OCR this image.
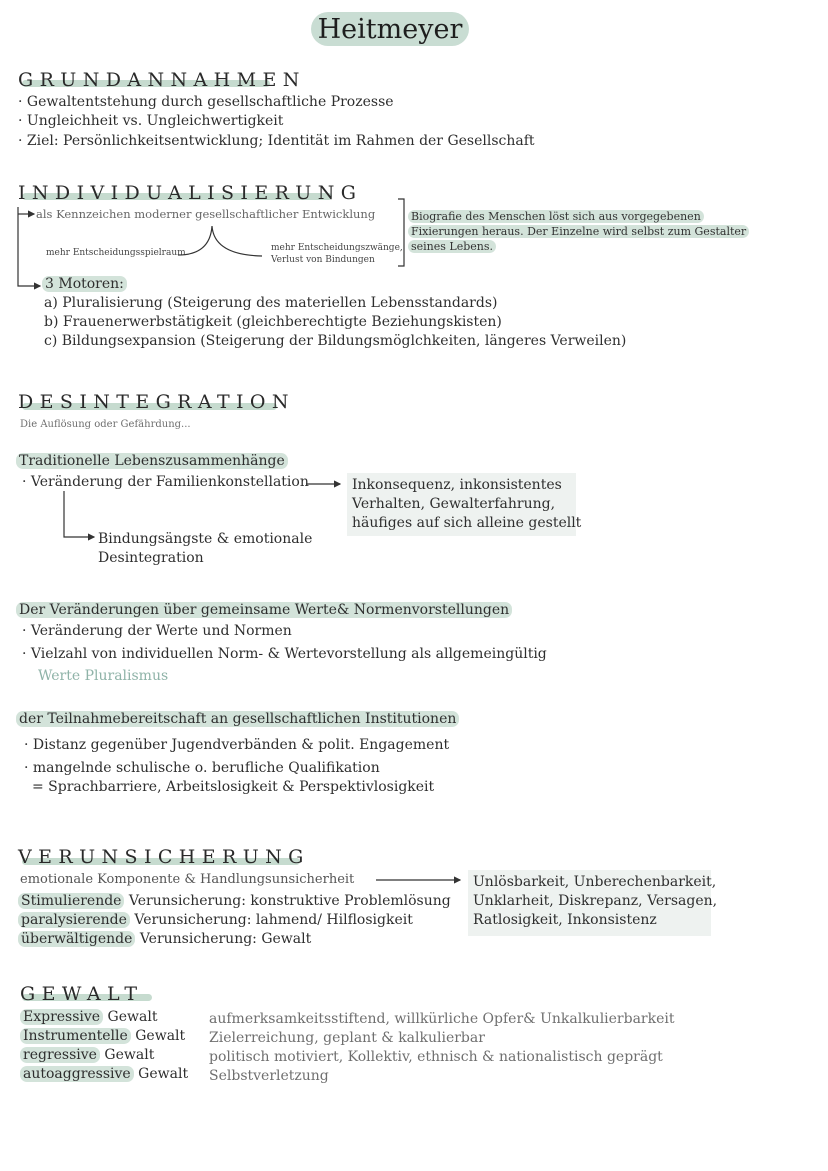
Heitmeyer
GRUNDANNAHMEN
· Gewaltentstehung durch gesellschaftliche Prozesse
· Ungleichheit vs. Ungleichwertigkeit
· Ziel: Persönlichkeitsentwicklung; Identität im Rahmen der Gesellschaft
INDIVIDUALISIERUNG
als Kennzeichen moderner gesellschaftlicher Entwicklung
mehr Entscheidungsspielraum	mehr Entscheidungszwänge,
Verlust von Bindungen
Biografie des Menschen löst sich aus vorgegebenen
Fixierungen heraus. Der Einzelne wird selbst zum Gestalter
seines Lebens.
3 Motoren:
a) Pluralisierung (Steigerung des materiellen Lebensstandards)
b) Frauenerwerbstätigkeit (gleichberechtigte Beziehungskisten)
c) Bildungsexpansion (Steigerung der Bildungsmöglchkeiten, längeres Verweilen)
DESINTEGRATION
Die Auflösung oder Gefährdung...
Traditionelle Lebenszusammenhänge
· Veränderung der Familienkonstellation	Inkonsequenz, inkonsistentes
Verhalten, Gewalterfahrung,
häufiges auf sich alleine gestellt
Bindungsängste & emotionale
Desintegration
Der Veränderungen über gemeinsame Werte& Normenvorstellungen
· Veränderung der Werte und Normen
· Vielzahl von individuellen Norm- & Wertevorstellung als allgemeingültig
Werte Pluralismus
der Teilnahmebereitschaft an gesellschaftlichen Institutionen
· Distanz gegenüber Jugendverbänden & polit. Engagement
· mangelnde schulische o. berufliche Qualifikation
= Sprachbarriere, Arbeitslosigkeit & Perspektivlosigkeit
VERUNSICHERUNG
emotionale Komponente & Handlungsunsicherheit
Stimulierende Verunsicherung: konstruktive Problemlösung
paralysierende Verunsicherung: lahmend/ Hilflosigkeit
überwältigende Verunsicherung: Gewalt
Unlösbarkeit, Unberechenbarkeit,
Unklarheit, Diskrepanz, Versagen,
Ratlosigkeit, Inkonsistenz
GEWALT
Expressive Gewalt
Instrumentelle Gewalt
regressive Gewalt
autoaggressive Gewalt
aufmerksamkeitsstiftend, willkürliche Opfer& Unkalkulierbarkeit
Zielerreichung, geplant & kalkulierbar
politisch motiviert, Kollektiv, ethnisch & nationalistisch geprägt
Selbstverletzung
